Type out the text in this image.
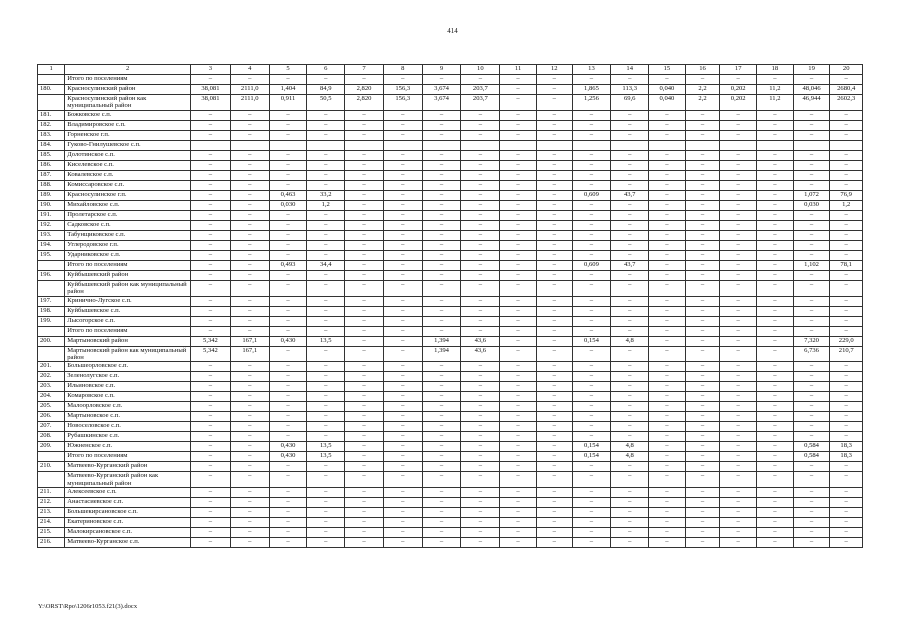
414
1	2	3	4	5	6	7	8	9	10	11	12	13	14	15	16	17	18	19	20
	Итого по поселениям	–	–	–	–	–	–	–	–	–	–	–	–	–	–	–	–	–	–
180.	Красносулинский район	38,081	2111,0	1,404	84,9	2,820	156,3	3,674	203,7	–	–	1,865	113,3	0,040	2,2	0,202	11,2	48,046	2680,4
	Красносулинский район как муниципальный район	38,081	2111,0	0,911	50,5	2,820	156,3	3,674	203,7	–	–	1,256	69,6	0,040	2,2	0,202	11,2	46,944	2602,3
181.	Божковское с.п.	–	–	–	–	–	–	–	–	–	–	–	–	–	–	–	–	–	–
182.	Владимировское с.п.	–	–	–	–	–	–	–	–	–	–	–	–	–	–	–	–	–	–
183.	Горненское г.п.	–	–	–	–	–	–	–	–	–	–	–	–	–	–	–	–	–	–
184.	Гуково-Гнилушевское с.п.																		
185.	Долотинское с.п.	–	–	–	–	–	–	–	–	–	–	–	–	–	–	–	–	–	–
186.	Киселевское с.п.	–	–	–	–	–	–	–	–	–	–	–	–	–	–	–	–	–	–
187.	Ковалевское с.п.	–	–	–	–	–	–	–	–	–	–	–	–	–	–	–	–	–	–
188.	Комиссаровское с.п.	–	–	–	–	–	–	–	–	–	–	–	–	–	–	–	–	–	–
189.	Красносулинское г.п.	–	–	0,463	33,2	–	–	–	–	–	–	0,609	43,7	–	–	–	–	1,072	76,9
190.	Михайловское с.п.	–	–	0,030	1,2	–	–	–	–	–	–	–	–	–	–	–	–	0,030	1,2
191.	Пролетарское с.п.	–	–	–	–	–	–	–	–	–	–	–	–	–	–	–	–	–	–
192.	Садковское с.п.	–	–	–	–	–	–	–	–	–	–	–	–	–	–	–	–	–	–
193.	Табунщиковское с.п.	–	–	–	–	–	–	–	–	–	–	–	–	–	–	–	–	–	–
194.	Углеродовское г.п.	–	–	–	–	–	–	–	–	–	–	–	–	–	–	–	–	–	–
195.	Ударниковское с.п.	–	–	–	–	–	–	–	–	–	–	–	–	–	–	–	–	–	–
	Итого по поселениям	–	–	0,493	34,4	–	–	–	–	–	–	0,609	43,7	–	–	–	–	1,102	78,1
196.	Куйбышевский район	–	–	–	–	–	–	–	–	–	–	–	–	–	–	–	–	–	–
	Куйбышевский район как муниципальный район	–	–	–	–	–	–	–	–	–	–	–	–	–	–	–	–	–	–
197.	Криничнo-Лугское с.п.	–	–	–	–	–	–	–	–	–	–	–	–	–	–	–	–	–	–
198.	Куйбышевское с.п.	–	–	–	–	–	–	–	–	–	–	–	–	–	–	–	–	–	–
199.	Лысогорское с.п.	–	–	–	–	–	–	–	–	–	–	–	–	–	–	–	–	–	–
	Итого по поселениям	–	–	–	–	–	–	–	–	–	–	–	–	–	–	–	–	–	–
200.	Мартыновский район	5,342	167,1	0,430	13,5	–	–	1,394	43,6	–	–	0,154	4,8	–	–	–	–	7,320	229,0
	Мартыновский район как муниципальный район	5,342	167,1	–	–	–	–	1,394	43,6	–	–	–	–	–	–	–	–	6,736	210,7
201.	Большеорловское с.п.	–	–	–	–	–	–	–	–	–	–	–	–	–	–	–	–	–	–
202.	Зеленолугское с.п.	–	–	–	–	–	–	–	–	–	–	–	–	–	–	–	–	–	–
203.	Ильиновское с.п.	–	–	–	–	–	–	–	–	–	–	–	–	–	–	–	–	–	–
204.	Комаровское с.п.	–	–	–	–	–	–	–	–	–	–	–	–	–	–	–	–	–	–
205.	Малоорловское с.п.	–	–	–	–	–	–	–	–	–	–	–	–	–	–	–	–	–	–
206.	Мартыновское с.п.	–	–	–	–	–	–	–	–	–	–	–	–	–	–	–	–	–	–
207.	Новоселовское с.п.	–	–	–	–	–	–	–	–	–	–	–	–	–	–	–	–	–	–
208.	Рубашкинское с.п.	–	–	–	–	–	–	–	–	–	–	–	–	–	–	–	–	–	–
209.	Южненское с.п.	–	–	0,430	13,5	–	–	–	–	–	–	0,154	4,8	–	–	–	–	0,584	18,3
	Итого по поселениям	–	–	0,430	13,5	–	–	–	–	–	–	0,154	4,8	–	–	–	–	0,584	18,3
210.	Матвеево-Курганский район	–	–	–	–	–	–	–	–	–	–	–	–	–	–	–	–	–	–
	Матвеево-Курганский район как муниципальный район	–	–	–	–	–	–	–	–	–	–	–	–	–	–	–	–	–	–
211.	Алексеевское с.п.	–	–	–	–	–	–	–	–	–	–	–	–	–	–	–	–	–	–
212.	Анастасиевское с.п.	–	–	–	–	–	–	–	–	–	–	–	–	–	–	–	–	–	–
213.	Большекирсановское с.п.	–	–	–	–	–	–	–	–	–	–	–	–	–	–	–	–	–	–
214.	Екатериновское с.п.	–	–	–	–	–	–	–	–	–	–	–	–	–	–	–	–	–	–
215.	Малокирсановское с.п.	–	–	–	–	–	–	–	–	–	–	–	–	–	–	–	–	–	–
216.	Матвеево-Курганское с.п.	–	–	–	–	–	–	–	–	–	–	–	–	–	–	–	–	–	–
Y:\ORST\Rpo\1206r1053.f21(3).docx
